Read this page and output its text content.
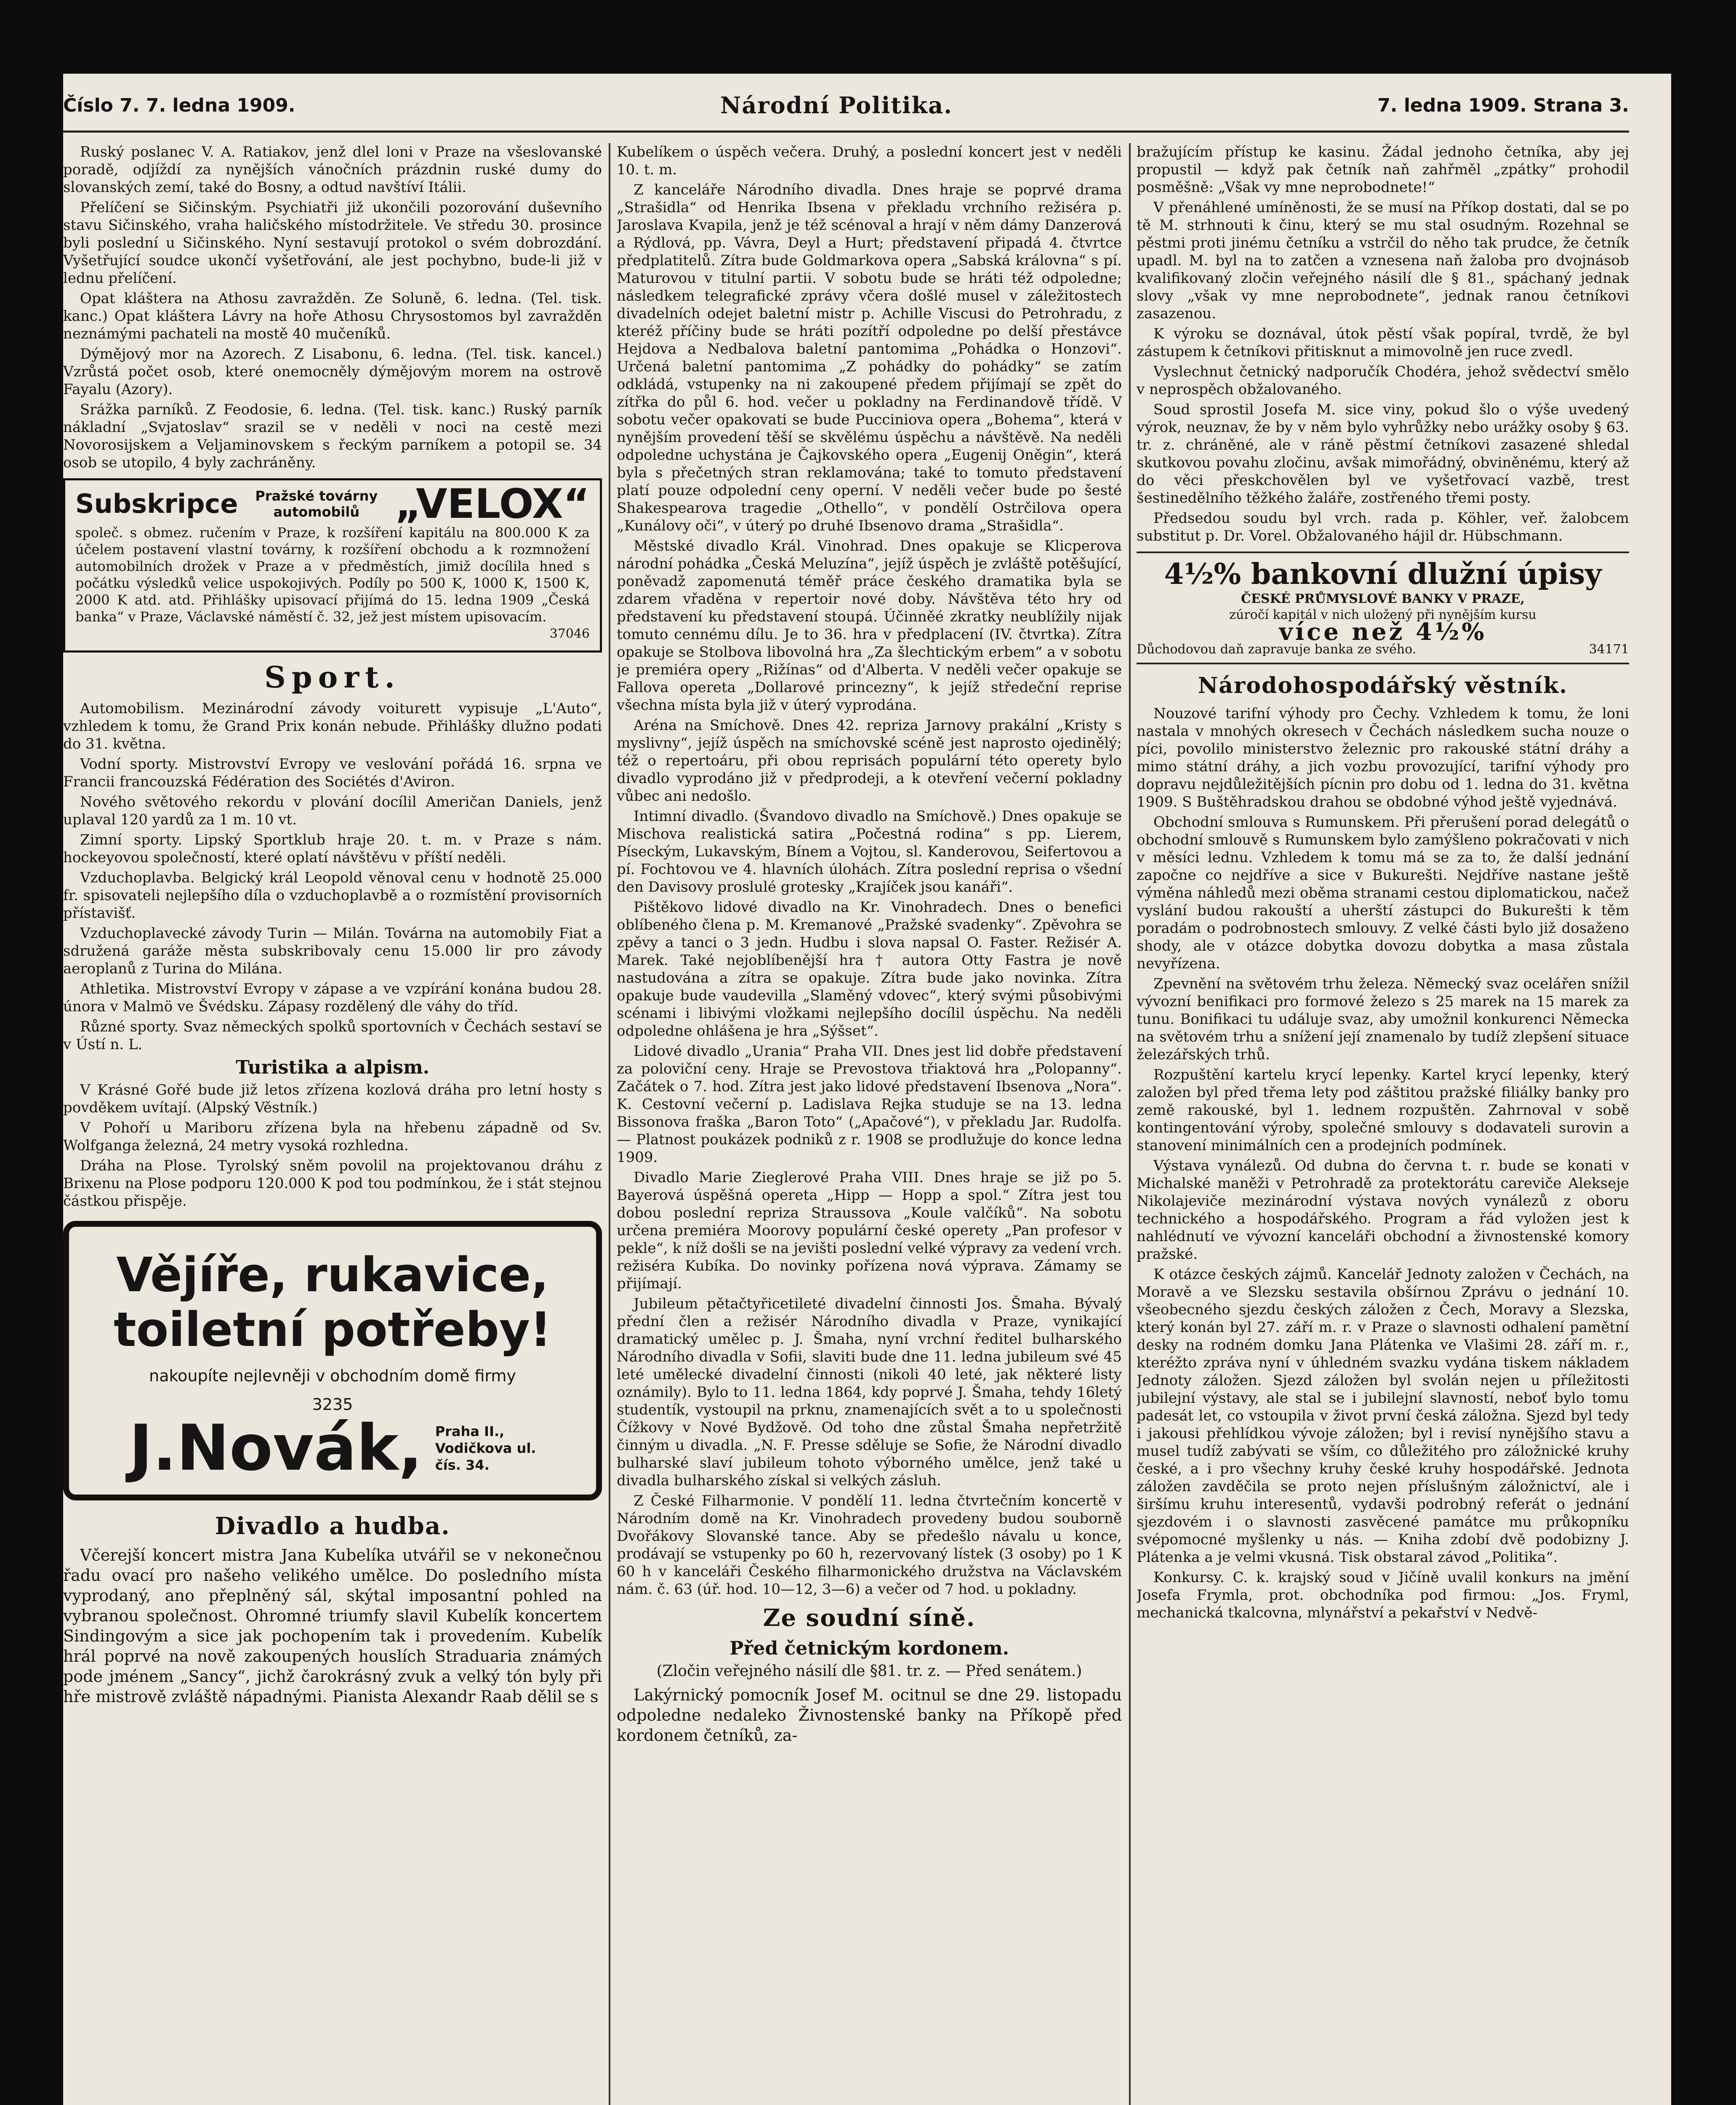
Číslo 7. 7. ledna 1909.	Národní Politika.	7. ledna 1909. Strana 3.

Ruský poslanec V. A. Ratiakov, jenž dlel loni v Praze na všeslovanské poradě, odjíždí za nynějších vánočních prázdnin ruské dumy do slovanských zemí, také do Bosny, a odtud navštíví Itálii.

Přelíčení se Sičinským. Psychiatři již ukončili pozorování duševního stavu Sičinského, vraha haličského místodržitele. Ve středu 30. prosince byli poslední u Sičinského. Nyní sestavují protokol o svém dobrozdání. Vyšetřující soudce ukončí vyšetřování, ale jest pochybno, bude-li již v lednu přelíčení.

Opat kláštera na Athosu zavražděn. Ze Soluně, 6. ledna. (Tel. tisk. kanc.) Opat kláštera Lávry na hoře Athosu Chrysostomos byl zavražděn neznámými pachateli na mostě 40 mučeníků.

Dýmějový mor na Azorech. Z Lisabonu, 6. ledna. (Tel. tisk. kancel.) Vzrůstá počet osob, které onemocněly dýmějovým morem na ostrově Fayalu (Azory).

Srážka parníků. Z Feodosie, 6. ledna. (Tel. tisk. kanc.) Ruský parník nákladní „Svjatoslav“ srazil se v neděli v noci na cestě mezi Novorosijskem a Veljaminovskem s řeckým parníkem a potopil se. 34 osob se utopilo, 4 byly zachráněny.

Subskripce Pražské továrny automobilů „VELOX“
společ. s obmez. ručením v Praze, k rozšíření kapitálu na 800.000 K za účelem postavení vlastní továrny, k rozšíření obchodu a k rozmnožení automobilních drožek v Praze a v předměstích, jimiž docílila hned s počátku výsledků velice uspokojivých. Podíly po 500 K, 1000 K, 1500 K, 2000 K atd. atd. Přihlášky upisovací přijímá do 15. ledna 1909 „Česká banka“ v Praze, Václavské náměstí č. 32, jež jest místem upisovacím.
37046
Sport.

Automobilism. Mezinárodní závody voiturett vypisuje „L'Auto“, vzhledem k tomu, že Grand Prix konán nebude. Přihlášky dlužno podati do 31. května.

Vodní sporty. Mistrovství Evropy ve veslování pořádá 16. srpna ve Francii francouzská Fédération des Sociétés d'Aviron.

Nového světového rekordu v plování docílil Američan Daniels, jenž uplaval 120 yardů za 1 m. 10 vt.

Zimní sporty. Lipský Sportklub hraje 20. t. m. v Praze s nám. hockeyovou společností, které oplatí návštěvu v příští neděli.

Vzduchoplavba. Belgický král Leopold věnoval cenu v hodnotě 25.000 fr. spisovateli nejlepšího díla o vzduchoplavbě a o rozmístění provisorních přístavišť.

Vzduchoplavecké závody Turin — Milán. Továrna na automobily Fiat a sdružená garáže města subskribovaly cenu 15.000 lir pro závody aeroplanů z Turina do Milána.

Athletika. Mistrovství Evropy v zápase a ve vzpírání konána budou 28. února v Malmö ve Švédsku. Zápasy rozdělený dle váhy do tříd.

Různé sporty. Svaz německých spolků sportovních v Čechách sestaví se v Ústí n. L.

Turistika a alpism.

V Krásné Gořé bude již letos zřízena kozlová dráha pro letní hosty s povděkem uvítají. (Alpský Věstník.)

V Pohoří u Mariboru zřízena byla na hřebenu západně od Sv. Wolfganga železná, 24 metry vysoká rozhledna.

Dráha na Plose. Tyrolský sněm povolil na projektovanou dráhu z Brixenu na Plose podporu 120.000 K pod tou podmínkou, že i stát stejnou částkou přispěje.

Vějíře, rukavice,
toiletní potřeby!
nakoupíte nejlevněji v obchodním domě firmy
3235
J.Novák, Praha II.,
Vodičkova ul.
čís. 34.
Divadlo a hudba.

Včerejší koncert mistra Jana Kubelíka utvářil se v nekonečnou řadu ovací pro našeho velikého umělce. Do posledního místa vyprodaný, ano přeplněný sál, skýtal imposantní pohled na vybranou společnost. Ohromné triumfy slavil Kubelík koncertem Sindingovým a sice jak pochopením tak i provedením. Kubelík hrál poprvé na nově zakoupených houslích Straduaria známých pode jménem „Sancy“, jichž čarokrásný zvuk a velký tón byly při hře mistrově zvláště nápadnými. Pianista Alexandr Raab dělil se s

Kubelíkem o úspěch večera. Druhý, a poslední koncert jest v neděli 10. t. m.

Z kanceláře Národního divadla. Dnes hraje se poprvé drama „Strašidla“ od Henrika Ibsena v překladu vrchního režiséra p. Jaroslava Kvapila, jenž je též scénoval a hrají v něm dámy Danzerová a Rýdlová, pp. Vávra, Deyl a Hurt; představení připadá 4. čtvrtce předplatitelů. Zítra bude Goldmarkova opera „Sabská královna“ s pí. Maturovou v titulní partii. V sobotu bude se hráti též odpoledne; následkem telegrafické zprávy včera došlé musel v záležitostech divadelních odejet baletní mistr p. Achille Viscusi do Petrohradu, z kteréž příčiny bude se hráti pozítří odpoledne po delší přestávce Hejdova a Nedbalova baletní pantomima „Pohádka o Honzovi“. Určená baletní pantomima „Z pohádky do pohádky“ se zatím odkládá, vstupenky na ni zakoupené předem přijímají se zpět do zítřka do půl 6. hod. večer u pokladny na Ferdinandově třídě. V sobotu večer opakovati se bude Pucciniova opera „Bohema“, která v nynějším provedení těší se skvělému úspěchu a návštěvě. Na neděli odpoledne uchystána je Čajkovského opera „Eugenij Oněgin“, která byla s přečetných stran reklamována; také to tomuto představení platí pouze odpolední ceny operní. V neděli večer bude po šesté Shakespearova tragedie „Othello“, v pondělí Ostrčilova opera „Kunálovy oči“, v úterý po druhé Ibsenovo drama „Strašidla“.

Městské divadlo Král. Vinohrad. Dnes opakuje se Klicperova národní pohádka „Česká Meluzína“, jejíž úspěch je zvláště potěšující, poněvadž zapomenutá téměř práce českého dramatika byla se zdarem vřaděna v repertoir nové doby. Návštěva této hry od představení ku představení stoupá. Účinněé zkratky neublížily nijak tomuto cennému dílu. Je to 36. hra v předplacení (IV. čtvrtka). Zítra opakuje se Stolbova libovolná hra „Za šlechtickým erbem“ a v sobotu je premiéra opery „Rižínas“ od d'Alberta. V neděli večer opakuje se Fallova opereta „Dollarové princezny“, k jejíž středeční reprise všechna místa byla již v úterý vyprodána.

Aréna na Smíchově. Dnes 42. repriza Jarnovy prakální „Kristy s myslivny“, jejíž úspěch na smíchovské scéně jest naprosto ojedinělý; též o repertoáru, při obou reprisách populární této operety bylo divadlo vyprodáno již v předprodeji, a k otevření večerní pokladny vůbec ani nedošlo.

Intimní divadlo. (Švandovo divadlo na Smíchově.) Dnes opakuje se Mischova realistická satira „Počestná rodina“ s pp. Lierem, Píseckým, Lukavským, Bínem a Vojtou, sl. Kanderovou, Seifertovou a pí. Fochtovou ve 4. hlavních úlohách. Zítra poslední reprisa o všední den Davisovy proslulé grotesky „Krajíček jsou kanáři“.

Pištěkovo lidové divadlo na Kr. Vinohradech. Dnes o benefici oblíbeného člena p. M. Kremanové „Pražské svadenky“. Zpěvohra se zpěvy a tanci o 3 jedn. Hudbu i slova napsal O. Faster. Režisér A. Marek. Také nejoblíbenější hra † autora Otty Fastra je nově nastudována a zítra se opakuje. Zítra bude jako novinka. Zítra opakuje bude vaudevilla „Slaměný vdovec“, který svými působivými scénami i libivými vložkami nejlepšího docílil úspěchu. Na neděli odpoledne ohlášena je hra „Sýšset“.

Lidové divadlo „Urania“ Praha VII. Dnes jest lid dobře představení za poloviční ceny. Hraje se Prevostova třiaktová hra „Polopanny“. Začátek o 7. hod. Zítra jest jako lidové představení Ibsenova „Nora“. K. Cestovní večerní p. Ladislava Rejka studuje se na 13. ledna Bissonova fraška „Baron Toto“ („Apačové“), v překladu Jar. Rudolfa. — Platnost poukázek podniků z r. 1908 se prodlužuje do konce ledna 1909.

Divadlo Marie Zieglerové Praha VIII. Dnes hraje se již po 5. Bayerová úspěšná opereta „Hipp — Hopp a spol.“ Zítra jest tou dobou poslední repriza Straussova „Koule valčíků“. Na sobotu určena premiéra Moorovy populární české operety „Pan profesor v pekle“, k níž došli se na jevišti poslední velké výpravy za vedení vrch. režiséra Kubíka. Do novinky pořízena nová výprava. Zámamy se přijímají.

Jubileum pětačtyřicetileté divadelní činnosti Jos. Šmaha. Bývalý přední člen a režisér Národního divadla v Praze, vynikající dramatický umělec p. J. Šmaha, nyní vrchní ředitel bulharského Národního divadla v Sofii, slaviti bude dne 11. ledna jubileum své 45 leté umělecké divadelní činnosti (nikoli 40 leté, jak některé listy oznámily). Bylo to 11. ledna 1864, kdy poprvé J. Šmaha, tehdy 16letý studentík, vystoupil na prknu, znamenajících svět a to u společnosti Čížkovy v Nové Bydžově. Od toho dne zůstal Šmaha nepřetržitě činným u divadla. „N. F. Presse sděluje se Sofie, že Národní divadlo bulharské slaví jubileum tohoto výborného umělce, jenž také u divadla bulharského získal si velkých zásluh.

Z České Filharmonie. V pondělí 11. ledna čtvrtečním koncertě v Národním domě na Kr. Vinohradech provedeny budou souborně Dvořákovy Slovanské tance. Aby se předešlo návalu u konce, prodávají se vstupenky po 60 h, rezervovaný lístek (3 osoby) po 1 K 60 h v kanceláři Českého filharmonického družstva na Václavském nám. č. 63 (úř. hod. 10—12, 3—6) a večer od 7 hod. u pokladny.

Ze soudní síně.
Před četnickým kordonem.
(Zločin veřejného násilí dle §81. tr. z. — Před senátem.)

Lakýrnický pomocník Josef M. ocitnul se dne 29. listopadu odpoledne nedaleko Živnostenské banky na Příkopě před kordonem četníků, za-

bražujícím přístup ke kasinu. Žádal jednoho četníka, aby jej propustil — když pak četník naň zahřměl „zpátky“ prohodil posměšně: „Však vy mne neprobodnete!“

V přenáhlené umíněnosti, že se musí na Příkop dostati, dal se po tě M. strhnouti k činu, který se mu stal osudným. Rozehnal se pěstmi proti jinému četníku a vstrčil do něho tak prudce, že četník upadl. M. byl na to zatčen a vznesena naň žaloba pro dvojnásob kvalifikovaný zločin veřejného násilí dle § 81., spáchaný jednak slovy „však vy mne neprobodnete“, jednak ranou četníkovi zasazenou.

K výroku se doznával, útok pěstí však popíral, tvrdě, že byl zástupem k četníkovi přitisknut a mimovolně jen ruce zvedl.

Vyslechnut četnický nadporučík Chodéra, jehož svědectví smělo v neprospěch obžalovaného.

Soud sprostil Josefa M. sice viny, pokud šlo o výše uvedený výrok, neuznav, že by v něm bylo vyhrůžky nebo urážky osoby § 63. tr. z. chráněné, ale v ráně pěstmí četníkovi zasazené shledal skutkovou povahu zločinu, avšak mimořádný, obviněnému, který až do věci přeskchovělen byl ve vyšetřovací vazbě, trest šestinedělního těžkého žaláře, zostřeného třemi posty.

Předsedou soudu byl vrch. rada p. Köhler, veř. žalobcem substitut p. Dr. Vorel. Obžalovaného hájil dr. Hübschmann.

4½% bankovní dlužní úpisy
ČESKÉ PRŮMYSLOVÉ BANKY V PRAZE,
zúročí kapitál v nich uložený při nynějším kursu
více než 4½%
Důchodovou daň zapravuje banka ze svého.	34171
Národohospodářský věstník.

Nouzové tarifní výhody pro Čechy. Vzhledem k tomu, že loni nastala v mnohých okresech v Čechách následkem sucha nouze o píci, povolilo ministerstvo železnic pro rakouské státní dráhy a mimo státní dráhy, a jich vozbu provozující, tarifní výhody pro dopravu nejdůležitějších pícnin pro dobu od 1. ledna do 31. května 1909. S Buštěhradskou drahou se obdobné výhod ještě vyjednává.

Obchodní smlouva s Rumunskem. Při přerušení porad delegátů o obchodní smlouvě s Rumunskem bylo zamýšleno pokračovati v nich v měsíci lednu. Vzhledem k tomu má se za to, že další jednání započne co nejdříve a sice v Bukurešti. Nejdříve nastane ještě výměna náhledů mezi oběma stranami cestou diplomatickou, načež vyslání budou rakouští a uherští zástupci do Bukurešti k těm poradám o podrobnostech smlouvy. Z velké části bylo již dosaženo shody, ale v otázce dobytka dovozu dobytka a masa zůstala nevyřízena.

Zpevnění na světovém trhu železa. Německý svaz ocelářen snížil vývozní benifikaci pro formové železo s 25 marek na 15 marek za tunu. Bonifikaci tu událuje svaz, aby umožnil konkurenci Německa na světovém trhu a snížení její znamenalo by tudíž zlepšení situace železářských trhů.

Rozpuštění kartelu krycí lepenky. Kartel krycí lepenky, který založen byl před třema lety pod záštitou pražské filiálky banky pro země rakouské, byl 1. lednem rozpuštěn. Zahrnoval v sobě kontingentování výroby, společné smlouvy s dodavateli surovin a stanovení minimálních cen a prodejních podmínek.

Výstava vynálezů. Od dubna do června t. r. bude se konati v Michalské maněži v Petrohradě za protektorátu careviče Alekseje Nikolajeviče mezinárodní výstava nových vynálezů z oboru technického a hospodářského. Program a řád vyložen jest k nahlédnutí ve vývozní kanceláři obchodní a živnostenské komory pražské.

K otázce českých zájmů. Kancelář Jednoty založen v Čechách, na Moravě a ve Slezsku sestavila obšírnou Zprávu o jednání 10. všeobecného sjezdu českých záložen z Čech, Moravy a Slezska, který konán byl 27. září m. r. v Praze o slavnosti odhalení pamětní desky na rodném domku Jana Plátenka ve Vlašimi 28. září m. r., kteréžto zpráva nyní v úhledném svazku vydána tiskem nákladem Jednoty záložen. Sjezd záložen byl svolán nejen u příležitosti jubilejní výstavy, ale stal se i jubilejní slavností, neboť bylo tomu padesát let, co vstoupila v život první česká záložna. Sjezd byl tedy i jakousi přehlídkou vývoje záložen; byl i revisí nynějšího stavu a musel tudíž zabývati se vším, co důležitého pro záložnické kruhy české, a i pro všechny kruhy české kruhy hospodářské. Jednota záložen zavděčila se proto nejen příslušným záložnictví, ale i širšímu kruhu interesentů, vydavši podrobný referát o jednání sjezdovém i o slavnosti zasvěcené památce mu průkopníku svépomocné myšlenky u nás. — Kniha zdobí dvě podobizny J. Plátenka a je velmi vkusná. Tisk obstaral závod „Politika“.

Konkursy. C. k. krajský soud v Jičíně uvalil konkurs na jmění Josefa Frymla, prot. obchodníka pod firmou: „Jos. Fryml, mechanická tkalcovna, mlynářství a pekařství v Nedvě-
